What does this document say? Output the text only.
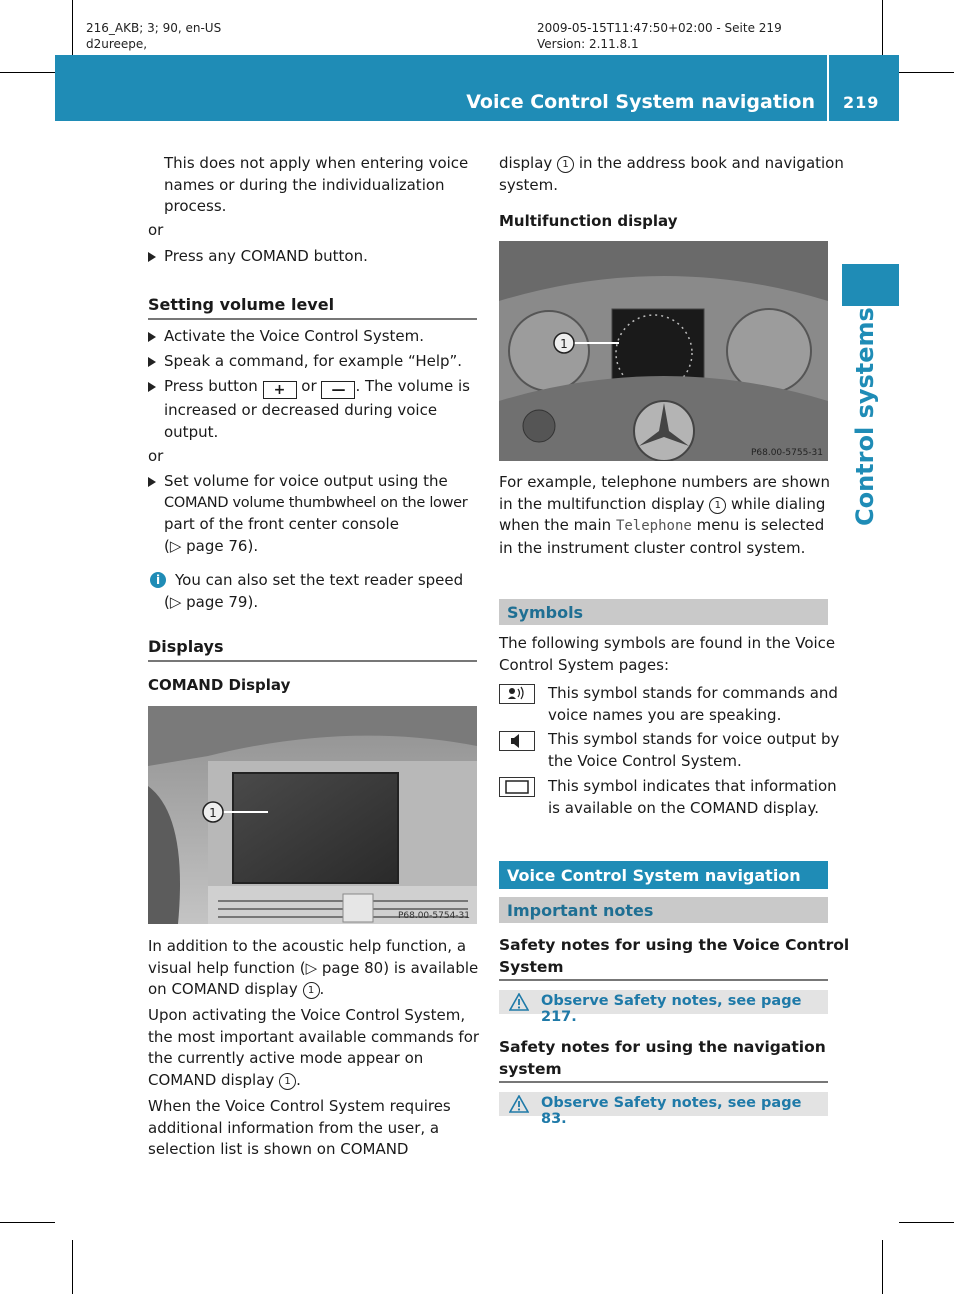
216_AKB; 3; 90, en-US
d2ureepe,
2009-05-15T11:47:50+02:00 - Seite 219
Version: 2.11.8.1
Voice Control System navigation 219
Control systems
This does not apply when entering voice
names or during the individualization
process.
or
Press any COMAND button.
Setting volume level
Activate the Voice Control System.
Speak a command, for example “Help”.
Press button + or — . The volume is
increased or decreased during voice
output.
or
Set volume for voice output using the
COMAND volume thumbwheel on the lower
part of the front center console
(▷ page 76).
i You can also set the text reader speed
(▷ page 79).
Displays
COMAND Display
1
P68.00-5754-31
In addition to the acoustic help function, a
visual help function (▷ page 80) is available
on COMAND display 1 .
Upon activating the Voice Control System,
the most important available commands for
the currently active mode appear on
COMAND display 1 .
When the Voice Control System requires
additional information from the user, a
selection list is shown on COMAND
display 1 in the address book and navigation
system.
Multifunction display
1
P68.00-5755-31
For example, telephone numbers are shown
in the multifunction display 1 while dialing
when the main Telephone menu is selected
in the instrument cluster control system.
Symbols
The following symbols are found in the Voice
Control System pages:
This symbol stands for commands and
voice names you are speaking.
This symbol stands for voice output by
the Voice Control System.
This symbol indicates that information
is available on the COMAND display.
Voice Control System navigation
Important notes
Safety notes for using the Voice Control
System
Observe Safety notes, see page 217.
Safety notes for using the navigation
system
Observe Safety notes, see page 83.
